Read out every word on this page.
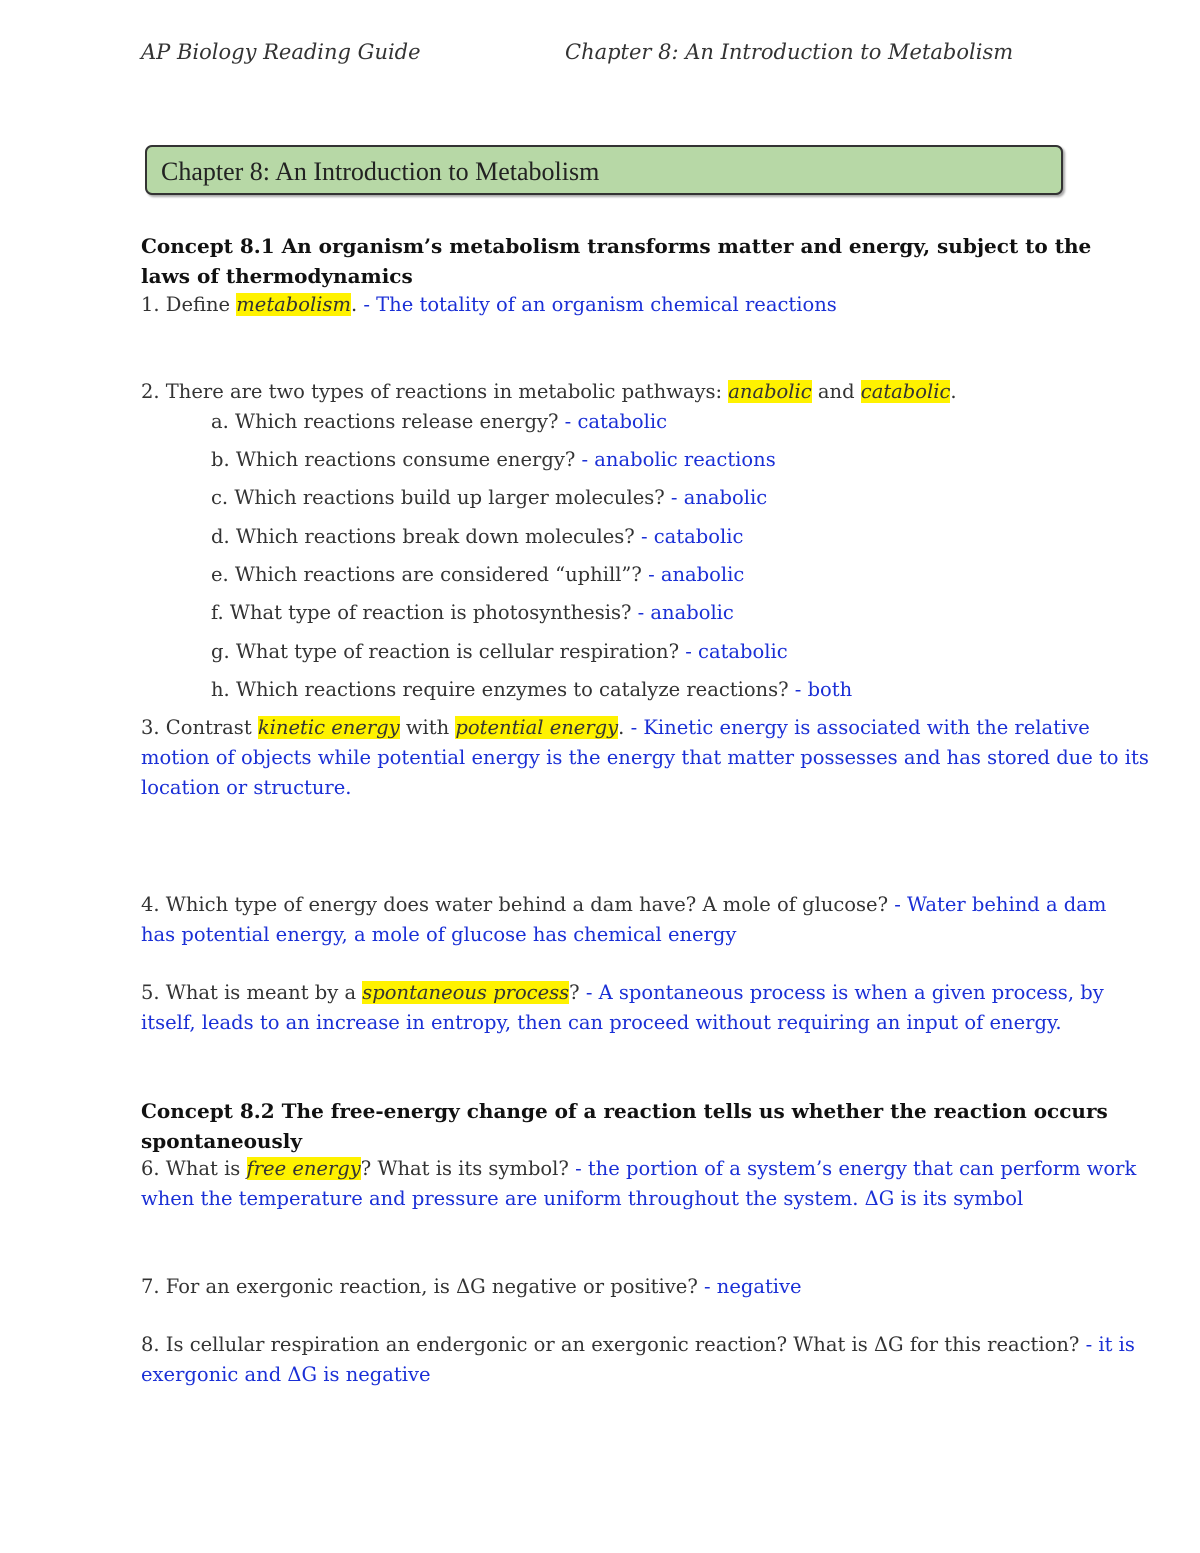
AP Biology Reading Guide	Chapter 8: An Introduction to Metabolism
Chapter 8: An Introduction to Metabolism
Concept 8.1 An organism’s metabolism transforms matter and energy, subject to the
laws of thermodynamics
1. Define metabolism. - The totality of an organism chemical reactions
2. There are two types of reactions in metabolic pathways: anabolic and catabolic.
a. Which reactions release energy? - catabolic
b. Which reactions consume energy? - anabolic reactions
c. Which reactions build up larger molecules? - anabolic
d. Which reactions break down molecules? - catabolic
e. Which reactions are considered “uphill”? - anabolic
f. What type of reaction is photosynthesis? - anabolic
g. What type of reaction is cellular respiration? - catabolic
h. Which reactions require enzymes to catalyze reactions? - both
3. Contrast kinetic energy with potential energy. - Kinetic energy is associated with the relative
motion of objects while potential energy is the energy that matter possesses and has stored due to its
location or structure.
4. Which type of energy does water behind a dam have? A mole of glucose? - Water behind a dam
has potential energy, a mole of glucose has chemical energy
5. What is meant by a spontaneous process? - A spontaneous process is when a given process, by
itself, leads to an increase in entropy, then can proceed without requiring an input of energy.
Concept 8.2 The free-energy change of a reaction tells us whether the reaction occurs
spontaneously
6. What is free energy? What is its symbol? - the portion of a system’s energy that can perform work
when the temperature and pressure are uniform throughout the system. ΔG is its symbol
7. For an exergonic reaction, is ΔG negative or positive? - negative
8. Is cellular respiration an endergonic or an exergonic reaction? What is ΔG for this reaction? - it is
exergonic and ΔG is negative
